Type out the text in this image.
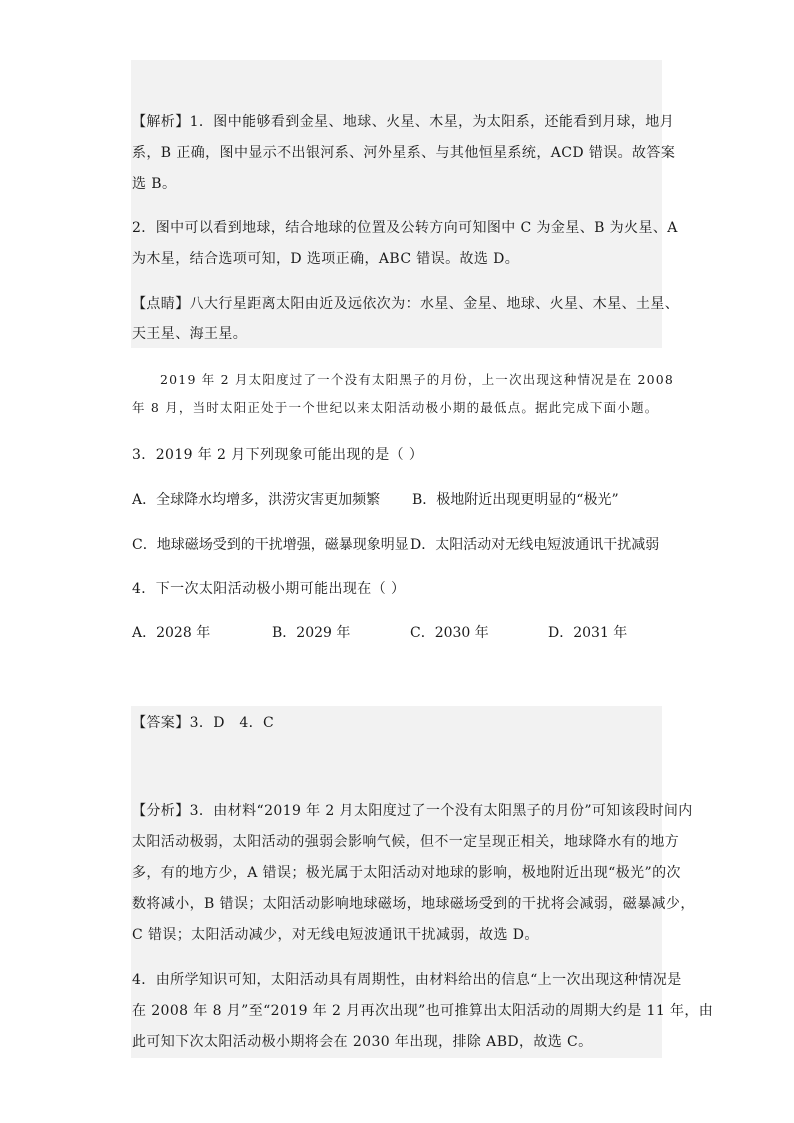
【解析】1．图中能够看到金星、地球、火星、木星，为太阳系，还能看到月球，地月
系，B 正确，图中显示不出银河系、河外星系、与其他恒星系统，ACD 错误。故答案
选 B。
2．图中可以看到地球，结合地球的位置及公转方向可知图中 C 为金星、B 为火星、A
为木星，结合选项可知，D 选项正确，ABC 错误。故选 D。
【点睛】八大行星距离太阳由近及远依次为：水星、金星、地球、火星、木星、土星、
天王星、海王星。
2019 年 2 月太阳度过了一个没有太阳黑子的月份，上一次出现这种情况是在 2008
年 8 月，当时太阳正处于一个世纪以来太阳活动极小期的最低点。据此完成下面小题。
3．2019 年 2 月下列现象可能出现的是（ ）
A．全球降水均增多，洪涝灾害更加频繁 B．极地附近出现更明显的“极光”
C．地球磁场受到的干扰增强，磁暴现象明显 D．太阳活动对无线电短波通讯干扰减弱
4．下一次太阳活动极小期可能出现在（ ）
A．2028 年	B．2029 年	C．2030 年	D．2031 年
【答案】3．D　4．C
【分析】3．由材料“2019 年 2 月太阳度过了一个没有太阳黑子的月份”可知该段时间内
太阳活动极弱，太阳活动的强弱会影响气候，但不一定呈现正相关，地球降水有的地方
多，有的地方少，A 错误；极光属于太阳活动对地球的影响，极地附近出现“极光”的次
数将减小，B 错误；太阳活动影响地球磁场，地球磁场受到的干扰将会减弱，磁暴减少，
C 错误；太阳活动减少，对无线电短波通讯干扰减弱，故选 D。
4．由所学知识可知，太阳活动具有周期性，由材料给出的信息“上一次出现这种情况是
在 2008 年 8 月”至“2019 年 2 月再次出现”也可推算出太阳活动的周期大约是 11 年，由
此可知下次太阳活动极小期将会在 2030 年出现，排除 ABD，故选 C。
